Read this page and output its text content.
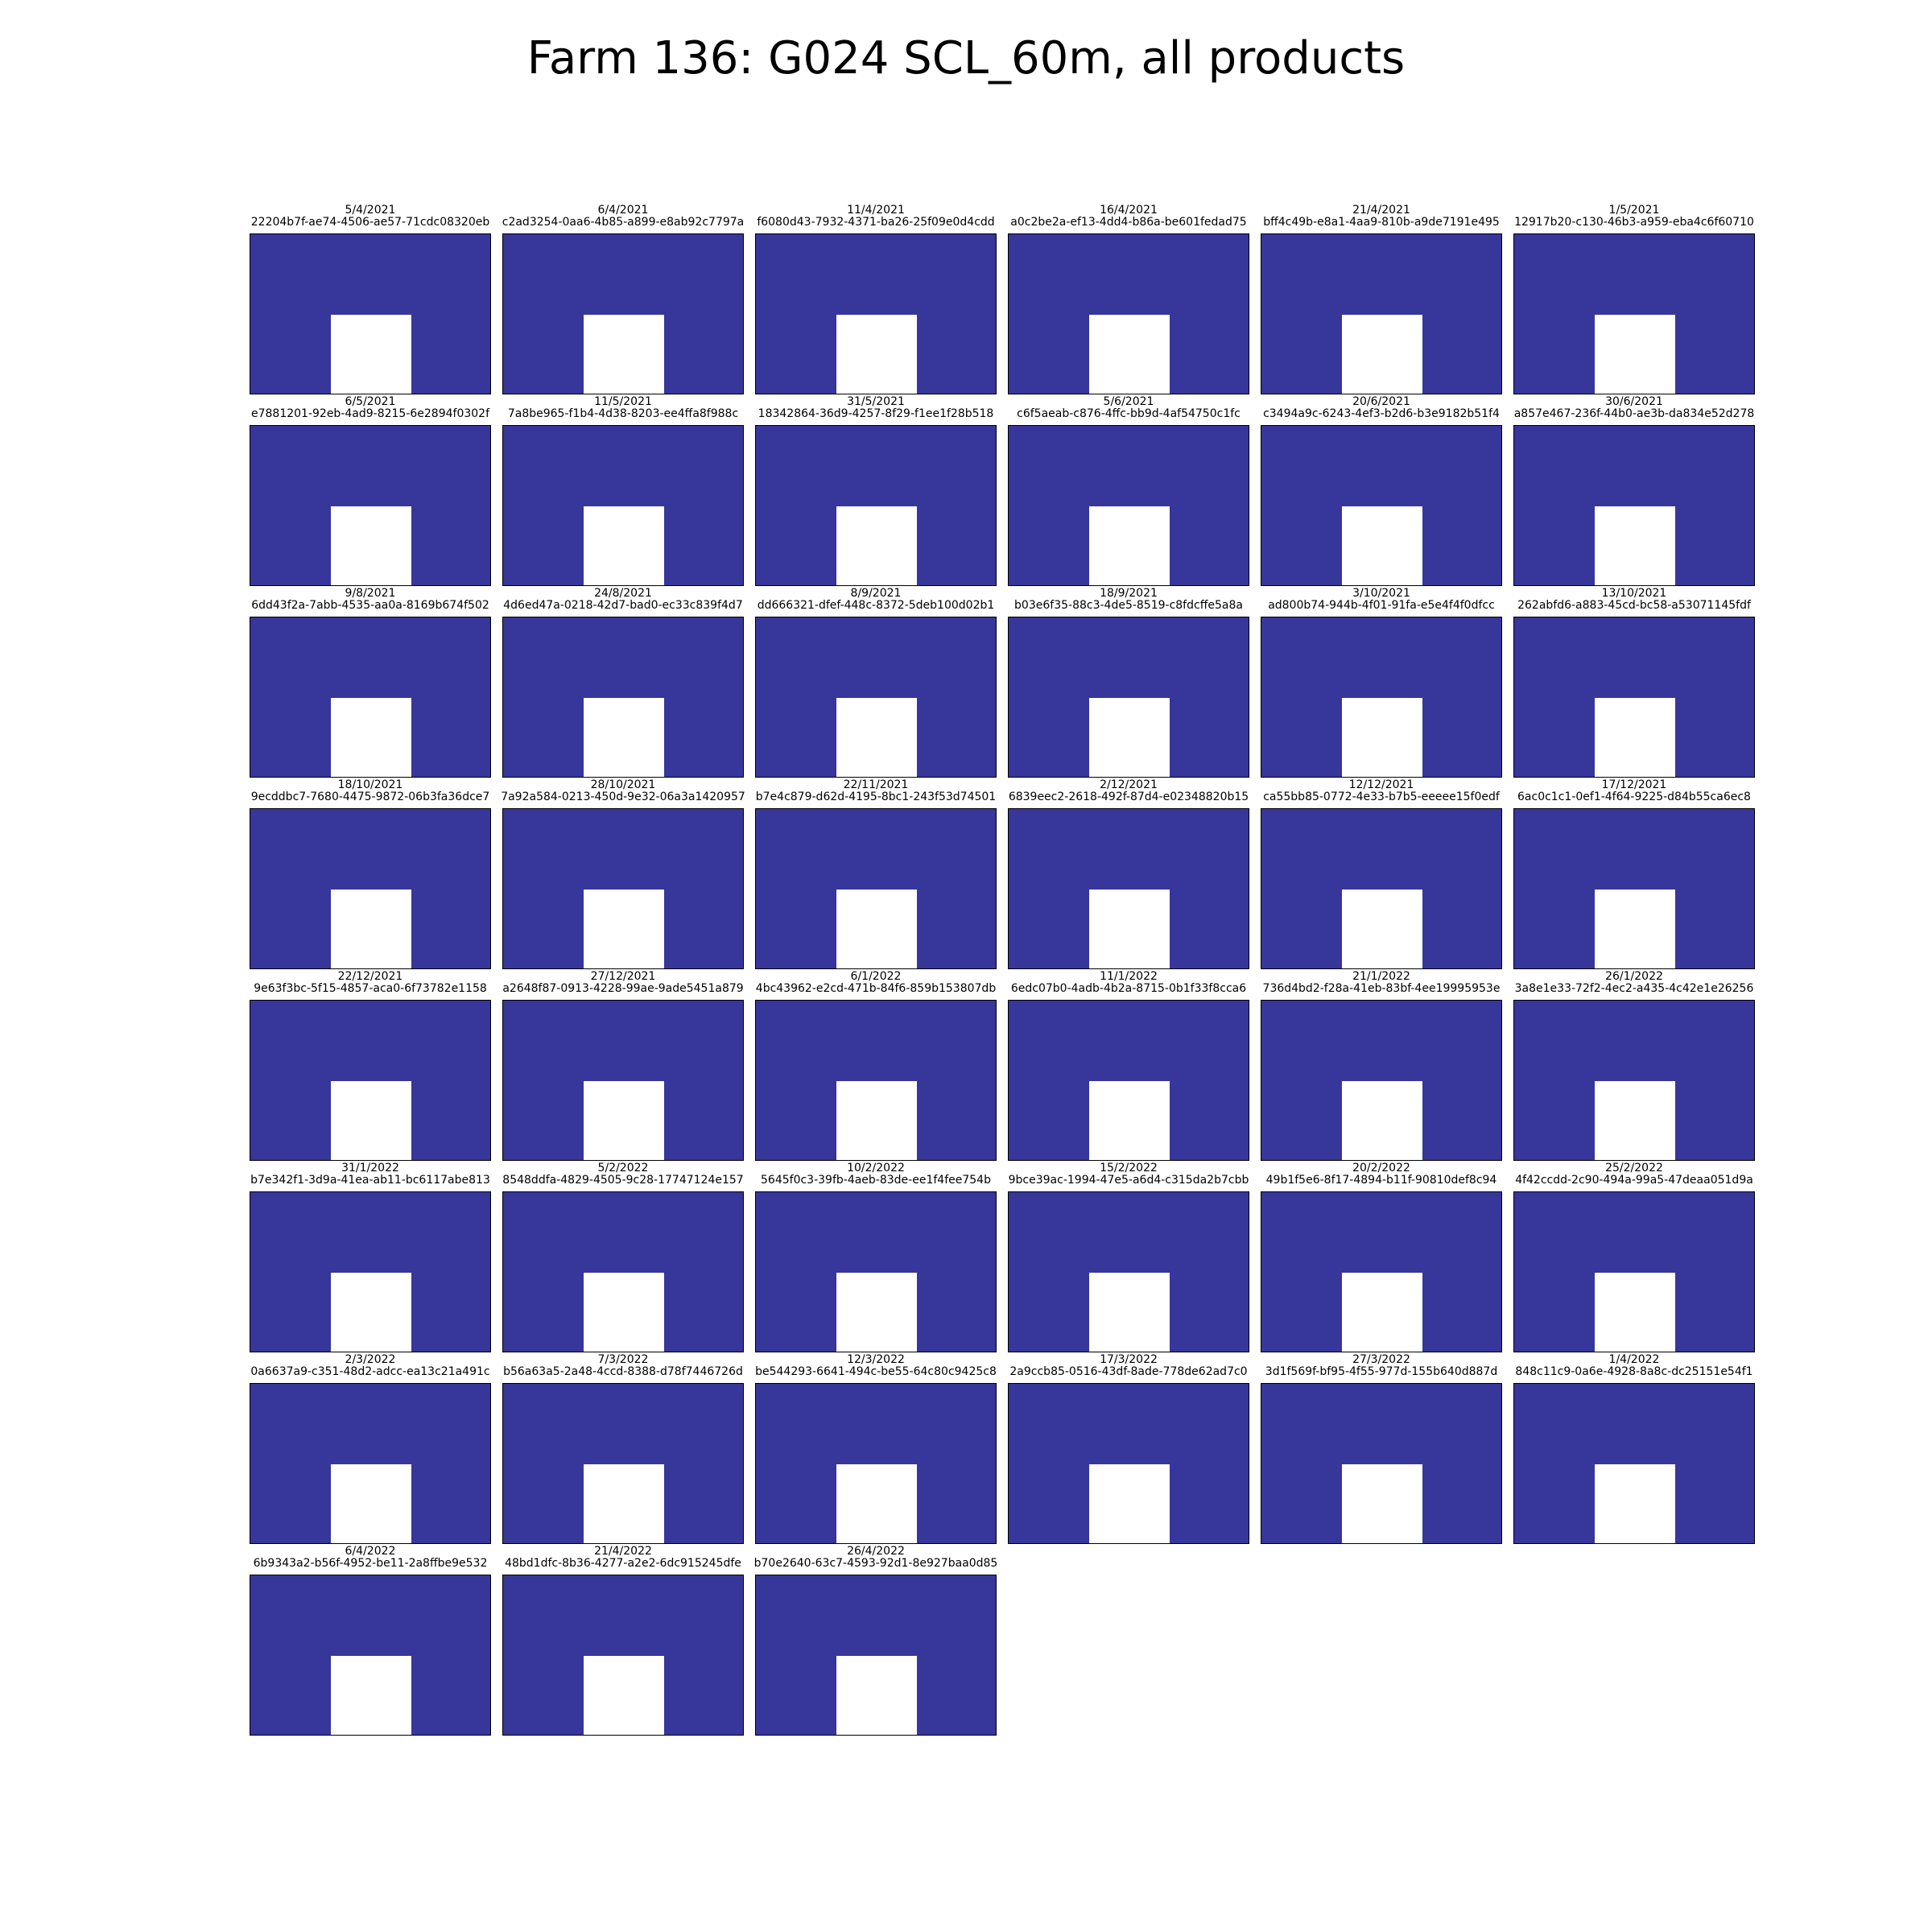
Farm 136: G024 SCL_60m, all products
5/4/2021
22204b7f-ae74-4506-ae57-71cdc08320eb
6/4/2021
c2ad3254-0aa6-4b85-a899-e8ab92c7797a
11/4/2021
f6080d43-7932-4371-ba26-25f09e0d4cdd
16/4/2021
a0c2be2a-ef13-4dd4-b86a-be601fedad75
21/4/2021
bff4c49b-e8a1-4aa9-810b-a9de7191e495
1/5/2021
12917b20-c130-46b3-a959-eba4c6f60710
6/5/2021
e7881201-92eb-4ad9-8215-6e2894f0302f
11/5/2021
7a8be965-f1b4-4d38-8203-ee4ffa8f988c
31/5/2021
18342864-36d9-4257-8f29-f1ee1f28b518
5/6/2021
c6f5aeab-c876-4ffc-bb9d-4af54750c1fc
20/6/2021
c3494a9c-6243-4ef3-b2d6-b3e9182b51f4
30/6/2021
a857e467-236f-44b0-ae3b-da834e52d278
9/8/2021
6dd43f2a-7abb-4535-aa0a-8169b674f502
24/8/2021
4d6ed47a-0218-42d7-bad0-ec33c839f4d7
8/9/2021
dd666321-dfef-448c-8372-5deb100d02b1
18/9/2021
b03e6f35-88c3-4de5-8519-c8fdcffe5a8a
3/10/2021
ad800b74-944b-4f01-91fa-e5e4f4f0dfcc
13/10/2021
262abfd6-a883-45cd-bc58-a53071145fdf
18/10/2021
9ecddbc7-7680-4475-9872-06b3fa36dce7
28/10/2021
7a92a584-0213-450d-9e32-06a3a1420957
22/11/2021
b7e4c879-d62d-4195-8bc1-243f53d74501
2/12/2021
6839eec2-2618-492f-87d4-e02348820b15
12/12/2021
ca55bb85-0772-4e33-b7b5-eeeee15f0edf
17/12/2021
6ac0c1c1-0ef1-4f64-9225-d84b55ca6ec8
22/12/2021
9e63f3bc-5f15-4857-aca0-6f73782e1158
27/12/2021
a2648f87-0913-4228-99ae-9ade5451a879
6/1/2022
4bc43962-e2cd-471b-84f6-859b153807db
11/1/2022
6edc07b0-4adb-4b2a-8715-0b1f33f8cca6
21/1/2022
736d4bd2-f28a-41eb-83bf-4ee19995953e
26/1/2022
3a8e1e33-72f2-4ec2-a435-4c42e1e26256
31/1/2022
b7e342f1-3d9a-41ea-ab11-bc6117abe813
5/2/2022
8548ddfa-4829-4505-9c28-17747124e157
10/2/2022
5645f0c3-39fb-4aeb-83de-ee1f4fee754b
15/2/2022
9bce39ac-1994-47e5-a6d4-c315da2b7cbb
20/2/2022
49b1f5e6-8f17-4894-b11f-90810def8c94
25/2/2022
4f42ccdd-2c90-494a-99a5-47deaa051d9a
2/3/2022
0a6637a9-c351-48d2-adcc-ea13c21a491c
7/3/2022
b56a63a5-2a48-4ccd-8388-d78f7446726d
12/3/2022
be544293-6641-494c-be55-64c80c9425c8
17/3/2022
2a9ccb85-0516-43df-8ade-778de62ad7c0
27/3/2022
3d1f569f-bf95-4f55-977d-155b640d887d
1/4/2022
848c11c9-0a6e-4928-8a8c-dc25151e54f1
6/4/2022
6b9343a2-b56f-4952-be11-2a8ffbe9e532
21/4/2022
48bd1dfc-8b36-4277-a2e2-6dc915245dfe
26/4/2022
b70e2640-63c7-4593-92d1-8e927baa0d85
